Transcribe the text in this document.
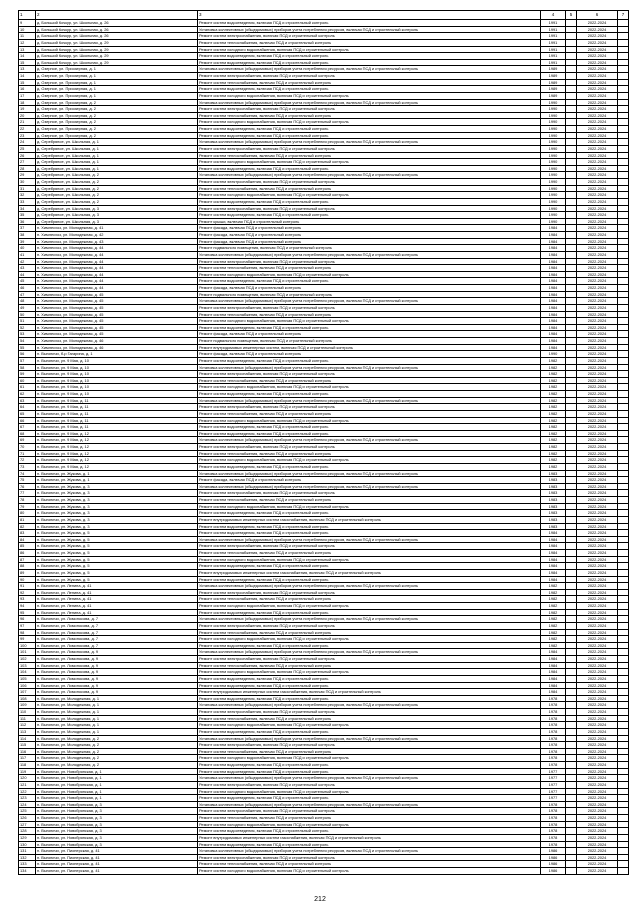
1	2	3	4	5	6	7
9	д. Большой Кочкур, ул. Школьная, д. 26	Ремонт систем водоотведения, включая ПСД и строительный контроль	1991		2022-2024	
10	д. Большой Кочкур, ул. Школьная, д. 26	Установка коллективных (общедомовых) приборов учета потребления ресурсов, включая ПСД и строительный контроль	1991		2022-2024	
11	д. Большой Кочкур, ул. Школьная, д. 26	Ремонт систем электроснабжения, включая ПСД и строительный контроль	1991		2022-2024	
12	д. Большой Кочкур, ул. Школьная, д. 29	Ремонт систем теплоснабжения, включая ПСД и строительный контроль	1991		2022-2024	
13	д. Большой Кочкур, ул. Школьная, д. 29	Ремонт систем холодного водоснабжения, включая ПСД и строительный контроль	1991		2022-2024	
14	д. Большой Кочкур, ул. Школьная, д. 29	Ремонт систем водоотведения, включая ПСД и строительный контроль	1991		2022-2024	
15	д. Большой Кочкур, ул. Школьная, д. 29	Ремонт систем водоотведения, включая ПСД и строительный контроль	1991		2022-2024	
13	д. Озерное, ул. Приозерная, д. 1	Установка коллективных (общедомовых) приборов учета потребления ресурсов, включая ПСД и строительный контроль	1989		2022-2024	
14	д. Озерное, ул. Приозерная, д. 1	Ремонт систем электроснабжения, включая ПСД и строительный контроль	1989		2022-2024	
15	д. Озерное, ул. Приозерная, д. 1	Ремонт систем теплоснабжения, включая ПСД и строительный контроль	1989		2022-2024	
16	д. Озерное, ул. Приозерная, д. 1	Ремонт систем водоотведения, включая ПСД и строительный контроль	1989		2022-2024	
17	д. Озерное, ул. Приозерная, д. 1	Ремонт систем холодного водоснабжения, включая ПСД и строительный контроль	1989		2022-2024	
18	д. Озерное, ул. Приозерная, д. 2	Установка коллективных (общедомовых) приборов учета потребления ресурсов, включая ПСД и строительный контроль	1990		2022-2024	
19	д. Озерное, ул. Приозерная, д. 2	Ремонт систем электроснабжения, включая ПСД и строительный контроль	1990		2022-2024	
20	д. Озерное, ул. Приозерная, д. 2	Ремонт систем теплоснабжения, включая ПСД и строительный контроль	1990		2022-2024	
21	д. Озерное, ул. Приозерная, д. 2	Ремонт систем холодного водоснабжения, включая ПСД и строительный контроль	1990		2022-2024	
22	д. Озерное, ул. Приозерная, д. 2	Ремонт систем водоотведения, включая ПСД и строительный контроль	1990		2022-2024	
23	д. Озерное, ул. Приозерная, д. 2	Ремонт систем водоотведения, включая ПСД и строительный контроль	1990		2022-2024	
24	д. Серебряное, ул. Школьная, д. 1	Установка коллективных (общедомовых) приборов учета потребления ресурсов, включая ПСД и строительный контроль	1990		2022-2024	
25	д. Серебряное, ул. Школьная, д. 1	Ремонт систем электроснабжения, включая ПСД и строительный контроль	1990		2022-2024	
26	д. Серебряное, ул. Школьная, д. 1	Ремонт систем теплоснабжения, включая ПСД и строительный контроль	1990		2022-2024	
27	д. Серебряное, ул. Школьная, д. 1	Ремонт систем холодного водоснабжения, включая ПСД и строительный контроль	1990		2022-2024	
28	д. Серебряное, ул. Школьная, д. 1	Ремонт систем водоотведения, включая ПСД и строительный контроль	1990		2022-2024	
29	д. Серебряное, ул. Школьная, д. 2	Установка коллективных (общедомовых) приборов учета потребления ресурсов, включая ПСД и строительный контроль	1990		2022-2024	
30	д. Серебряное, ул. Школьная, д. 2	Ремонт систем электроснабжения, включая ПСД и строительный контроль	1990		2022-2024	
31	д. Серебряное, ул. Школьная, д. 2	Ремонт систем теплоснабжения, включая ПСД и строительный контроль	1990		2022-2024	
32	д. Серебряное, ул. Школьная, д. 2	Ремонт систем холодного водоснабжения, включая ПСД и строительный контроль	1990		2022-2024	
33	д. Серебряное, ул. Школьная, д. 2	Ремонт систем водоотведения, включая ПСД и строительный контроль	1990		2022-2024	
34	д. Серебряное, ул. Школьная, д. 3	Ремонт систем электроснабжения, включая ПСД и строительный контроль	1990		2022-2024	
35	д. Серебряное, ул. Школьная, д. 3	Ремонт систем водоотведения, включая ПСД и строительный контроль	1990		2022-2024	
36	д. Серебряное, ул. Школьная, д. 3	Ремонт крыши, включая ПСД и строительный контроль	1990		2022-2024	
37	п. Химлесхоз, ул. Молодежная, д. 41	Ремонт фасада, включая ПСД и строительный контроль	1984		2022-2024	
38	п. Химлесхоз, ул. Молодежная, д. 42	Ремонт фасада, включая ПСД и строительный контроль	1984		2022-2024	
39	п. Химлесхоз, ул. Молодежная, д. 43	Ремонт фасада, включая ПСД и строительный контроль	1984		2022-2024	
40	п. Химлесхоз, ул. Молодежная, д. 44	Ремонт подвального помещения, включая ПСД и строительный контроль	1984		2022-2024	
41	п. Химлесхоз, ул. Молодежная, д. 44	Установка коллективных (общедомовых) приборов учета потребления ресурсов, включая ПСД и строительный контроль	1984		2022-2024	
42	п. Химлесхоз, ул. Молодежная, д. 44	Ремонт систем электроснабжения, включая ПСД и строительный контроль	1984		2022-2024	
43	п. Химлесхоз, ул. Молодежная, д. 44	Ремонт систем теплоснабжения, включая ПСД и строительный контроль	1984		2022-2024	
44	п. Химлесхоз, ул. Молодежная, д. 44	Ремонт систем холодного водоснабжения, включая ПСД и строительный контроль	1984		2022-2024	
45	п. Химлесхоз, ул. Молодежная, д. 44	Ремонт систем водоотведения, включая ПСД и строительный контроль	1984		2022-2024	
46	п. Химлесхоз, ул. Молодежная, д. 44	Ремонт фасада, включая ПСД и строительный контроль	1984		2022-2024	
47	п. Химлесхоз, ул. Молодежная, д. 45	Ремонт подвального помещения, включая ПСД и строительный контроль	1984		2022-2024	
48	п. Химлесхоз, ул. Молодежная, д. 45	Установка коллективных (общедомовых) приборов учета потребления ресурсов, включая ПСД и строительный контроль	1984		2022-2024	
49	п. Химлесхоз, ул. Молодежная, д. 45	Ремонт систем электроснабжения, включая ПСД и строительный контроль	1984		2022-2024	
50	п. Химлесхоз, ул. Молодежная, д. 45	Ремонт систем теплоснабжения, включая ПСД и строительный контроль	1984		2022-2024	
51	п. Химлесхоз, ул. Молодежная, д. 45	Ремонт систем холодного водоснабжения, включая ПСД и строительный контроль	1984		2022-2024	
52	п. Химлесхоз, ул. Молодежная, д. 45	Ремонт систем водоотведения, включая ПСД и строительный контроль	1984		2022-2024	
53	п. Химлесхоз, ул. Молодежная, д. 45	Ремонт фасада, включая ПСД и строительный контроль	1984		2022-2024	
54	п. Химлесхоз, ул. Молодежная, д. 46	Ремонт подвального помещения, включая ПСД и строительный контроль	1984		2022-2024	
55	п. Химлесхоз, ул. Молодежная, д. 46	Ремонт внутридомовых инженерных систем, включая ПСД и строительный контроль	1984		2022-2024	
56	п. Выгоничи, б-р Гагарина, д. 1	Ремонт фасада, включая ПСД и строительный контроль	1990		2022-2024	
57	п. Выгоничи, ул. 9 Мая, д. 10	Ремонт систем водоотведения, включая ПСД и строительный контроль	1982		2022-2024	
58	п. Выгоничи, ул. 9 Мая, д. 10	Установка коллективных (общедомовых) приборов учета потребления ресурсов, включая ПСД и строительный контроль	1982		2022-2024	
59	п. Выгоничи, ул. 9 Мая, д. 10	Ремонт систем электроснабжения, включая ПСД и строительный контроль	1982		2022-2024	
60	п. Выгоничи, ул. 9 Мая, д. 10	Ремонт систем теплоснабжения, включая ПСД и строительный контроль	1982		2022-2024	
61	п. Выгоничи, ул. 9 Мая, д. 10	Ремонт систем холодного водоснабжения, включая ПСД и строительный контроль	1982		2022-2024	
62	п. Выгоничи, ул. 9 Мая, д. 10	Ремонт систем водоотведения, включая ПСД и строительный контроль	1982		2022-2024	
63	п. Выгоничи, ул. 9 Мая, д. 11	Установка коллективных (общедомовых) приборов учета потребления ресурсов, включая ПСД и строительный контроль	1982		2022-2024	
64	п. Выгоничи, ул. 9 Мая, д. 11	Ремонт систем электроснабжения, включая ПСД и строительный контроль	1982		2022-2024	
65	п. Выгоничи, ул. 9 Мая, д. 11	Ремонт систем теплоснабжения, включая ПСД и строительный контроль	1982		2022-2024	
66	п. Выгоничи, ул. 9 Мая, д. 11	Ремонт систем холодного водоснабжения, включая ПСД и строительный контроль	1982		2022-2024	
67	п. Выгоничи, ул. 9 Мая, д. 11	Ремонт систем водоотведения, включая ПСД и строительный контроль	1982		2022-2024	
68	п. Выгоничи, ул. 9 Мая, д. 12	Ремонт систем водоотведения, включая ПСД и строительный контроль	1982		2022-2024	
69	п. Выгоничи, ул. 9 Мая, д. 12	Установка коллективных (общедомовых) приборов учета потребления ресурсов, включая ПСД и строительный контроль	1982		2022-2024	
70	п. Выгоничи, ул. 9 Мая, д. 12	Ремонт систем электроснабжения, включая ПСД и строительный контроль	1982		2022-2024	
71	п. Выгоничи, ул. 9 Мая, д. 12	Ремонт систем теплоснабжения, включая ПСД и строительный контроль	1982		2022-2024	
72	п. Выгоничи, ул. 9 Мая, д. 12	Ремонт систем холодного водоснабжения, включая ПСД и строительный контроль	1982		2022-2024	
73	п. Выгоничи, ул. 9 Мая, д. 12	Ремонт систем водоотведения, включая ПСД и строительный контроль	1982		2022-2024	
74	п. Выгоничи, ул. Жукова, д. 1	Установка коллективных (общедомовых) приборов учета потребления ресурсов, включая ПСД и строительный контроль	1983		2022-2024	
75	п. Выгоничи, ул. Жукова, д. 1	Ремонт фасада, включая ПСД и строительный контроль	1983		2022-2024	
76	п. Выгоничи, ул. Жукова, д. 3	Установка коллективных (общедомовых) приборов учета потребления ресурсов, включая ПСД и строительный контроль	1983		2022-2024	
77	п. Выгоничи, ул. Жукова, д. 3	Ремонт систем электроснабжения, включая ПСД и строительный контроль	1983		2022-2024	
78	п. Выгоничи, ул. Жукова, д. 3	Ремонт систем теплоснабжения, включая ПСД и строительный контроль	1983		2022-2024	
79	п. Выгоничи, ул. Жукова, д. 3	Ремонт систем холодного водоснабжения, включая ПСД и строительный контроль	1983		2022-2024	
80	п. Выгоничи, ул. Жукова, д. 3	Ремонт систем водоотведения, включая ПСД и строительный контроль	1983		2022-2024	
81	п. Выгоничи, ул. Жукова, д. 3	Ремонт внутридомовых инженерных систем газоснабжения, включая ПСД и строительный контроль	1983		2022-2024	
82	п. Выгоничи, ул. Жукова, д. 3	Ремонт систем водоотведения, включая ПСД и строительный контроль	1983		2022-2024	
83	п. Выгоничи, ул. Жукова, д. 5	Ремонт систем водоотведения, включая ПСД и строительный контроль	1984		2022-2024	
84	п. Выгоничи, ул. Жукова, д. 5	Установка коллективных (общедомовых) приборов учета потребления ресурсов, включая ПСД и строительный контроль	1984		2022-2024	
85	п. Выгоничи, ул. Жукова, д. 5	Ремонт систем электроснабжения, включая ПСД и строительный контроль	1984		2022-2024	
86	п. Выгоничи, ул. Жукова, д. 5	Ремонт систем теплоснабжения, включая ПСД и строительный контроль	1984		2022-2024	
87	п. Выгоничи, ул. Жукова, д. 5	Ремонт систем холодного водоснабжения, включая ПСД и строительный контроль	1984		2022-2024	
88	п. Выгоничи, ул. Жукова, д. 5	Ремонт систем водоотведения, включая ПСД и строительный контроль	1984		2022-2024	
89	п. Выгоничи, ул. Жукова, д. 5	Ремонт внутридомовых инженерных систем газоснабжения, включая ПСД и строительный контроль	1984		2022-2024	
90	п. Выгоничи, ул. Жукова, д. 5	Ремонт систем водоотведения, включая ПСД и строительный контроль	1984		2022-2024	
91	п. Выгоничи, ул. Ленина, д. 41	Установка коллективных (общедомовых) приборов учета потребления ресурсов, включая ПСД и строительный контроль	1982		2022-2024	
92	п. Выгоничи, ул. Ленина, д. 41	Ремонт систем электроснабжения, включая ПСД и строительный контроль	1982		2022-2024	
93	п. Выгоничи, ул. Ленина, д. 41	Ремонт систем теплоснабжения, включая ПСД и строительный контроль	1982		2022-2024	
94	п. Выгоничи, ул. Ленина, д. 41	Ремонт систем холодного водоснабжения, включая ПСД и строительный контроль	1982		2022-2024	
95	п. Выгоничи, ул. Ленина, д. 41	Ремонт систем водоотведения, включая ПСД и строительный контроль	1982		2022-2024	
96	п. Выгоничи, ул. Ломоносова, д. 7	Установка коллективных (общедомовых) приборов учета потребления ресурсов, включая ПСД и строительный контроль	1982		2022-2024	
97	п. Выгоничи, ул. Ломоносова, д. 7	Ремонт систем электроснабжения, включая ПСД и строительный контроль	1982		2022-2024	
98	п. Выгоничи, ул. Ломоносова, д. 7	Ремонт систем теплоснабжения, включая ПСД и строительный контроль	1982		2022-2024	
99	п. Выгоничи, ул. Ломоносова, д. 7	Ремонт систем холодного водоснабжения, включая ПСД и строительный контроль	1982		2022-2024	
100	п. Выгоничи, ул. Ломоносова, д. 7	Ремонт систем водоотведения, включая ПСД и строительный контроль	1982		2022-2024	
101	п. Выгоничи, ул. Ломоносова, д. 9	Установка коллективных (общедомовых) приборов учета потребления ресурсов, включая ПСД и строительный контроль	1984		2022-2024	
102	п. Выгоничи, ул. Ломоносова, д. 9	Ремонт систем электроснабжения, включая ПСД и строительный контроль	1984		2022-2024	
103	п. Выгоничи, ул. Ломоносова, д. 9	Ремонт систем теплоснабжения, включая ПСД и строительный контроль	1984		2022-2024	
104	п. Выгоничи, ул. Ломоносова, д. 9	Ремонт систем холодного водоснабжения, включая ПСД и строительный контроль	1984		2022-2024	
105	п. Выгоничи, ул. Ломоносова, д. 9	Ремонт систем водоотведения, включая ПСД и строительный контроль	1984		2022-2024	
106	п. Выгоничи, ул. Ломоносова, д. 9	Ремонт систем водоотведения, включая ПСД и строительный контроль	1984		2022-2024	
107	п. Выгоничи, ул. Ломоносова, д. 9	Ремонт внутридомовых инженерных систем газоснабжения, включая ПСД и строительный контроль	1984		2022-2024	
108	п. Выгоничи, ул. Молодежная, д. 1	Ремонт систем водоотведения, включая ПСД и строительный контроль	1978		2022-2024	
109	п. Выгоничи, ул. Молодежная, д. 1	Установка коллективных (общедомовых) приборов учета потребления ресурсов, включая ПСД и строительный контроль	1978		2022-2024	
110	п. Выгоничи, ул. Молодежная, д. 1	Ремонт систем электроснабжения, включая ПСД и строительный контроль	1978		2022-2024	
111	п. Выгоничи, ул. Молодежная, д. 1	Ремонт систем теплоснабжения, включая ПСД и строительный контроль	1978		2022-2024	
112	п. Выгоничи, ул. Молодежная, д. 1	Ремонт систем холодного водоснабжения, включая ПСД и строительный контроль	1978		2022-2024	
113	п. Выгоничи, ул. Молодежная, д. 1	Ремонт систем водоотведения, включая ПСД и строительный контроль	1978		2022-2024	
114	п. Выгоничи, ул. Молодежная, д. 2	Установка коллективных (общедомовых) приборов учета потребления ресурсов, включая ПСД и строительный контроль	1978		2022-2024	
115	п. Выгоничи, ул. Молодежная, д. 2	Ремонт систем электроснабжения, включая ПСД и строительный контроль	1978		2022-2024	
116	п. Выгоничи, ул. Молодежная, д. 2	Ремонт систем теплоснабжения, включая ПСД и строительный контроль	1978		2022-2024	
117	п. Выгоничи, ул. Молодежная, д. 2	Ремонт систем холодного водоснабжения, включая ПСД и строительный контроль	1978		2022-2024	
118	п. Выгоничи, ул. Молодежная, д. 2	Ремонт систем водоотведения, включая ПСД и строительный контроль	1978		2022-2024	
119	п. Выгоничи, ул. Новобрянская, д. 1	Ремонт систем водоотведения, включая ПСД и строительный контроль	1977		2022-2024	
120	п. Выгоничи, ул. Новобрянская, д. 1	Установка коллективных (общедомовых) приборов учета потребления ресурсов, включая ПСД и строительный контроль	1977		2022-2024	
121	п. Выгоничи, ул. Новобрянская, д. 1	Ремонт систем электроснабжения, включая ПСД и строительный контроль	1977		2022-2024	
122	п. Выгоничи, ул. Новобрянская, д. 1	Ремонт систем холодного водоснабжения, включая ПСД и строительный контроль	1977		2022-2024	
123	п. Выгоничи, ул. Новобрянская, д. 1	Ремонт систем водоотведения, включая ПСД и строительный контроль	1977		2022-2024	
124	п. Выгоничи, ул. Новобрянская, д. 3	Установка коллективных (общедомовых) приборов учета потребления ресурсов, включая ПСД и строительный контроль	1978		2022-2024	
125	п. Выгоничи, ул. Новобрянская, д. 3	Ремонт систем электроснабжения, включая ПСД и строительный контроль	1978		2022-2024	
126	п. Выгоничи, ул. Новобрянская, д. 3	Ремонт систем теплоснабжения, включая ПСД и строительный контроль	1978		2022-2024	
127	п. Выгоничи, ул. Новобрянская, д. 3	Ремонт систем холодного водоснабжения, включая ПСД и строительный контроль	1978		2022-2024	
128	п. Выгоничи, ул. Новобрянская, д. 3	Ремонт систем водоотведения, включая ПСД и строительный контроль	1978		2022-2024	
129	п. Выгоничи, ул. Новобрянская, д. 3	Ремонт внутридомовых инженерных систем газоснабжения, включая ПСД и строительный контроль	1978		2022-2024	
130	п. Выгоничи, ул. Новобрянская, д. 3	Ремонт систем водоотведения, включая ПСД и строительный контроль	1978		2022-2024	
131	п. Выгоничи, ул. Пионерская, д. 41	Установка коллективных (общедомовых) приборов учета потребления ресурсов, включая ПСД и строительный контроль	1986		2022-2024	
132	п. Выгоничи, ул. Пионерская, д. 41	Ремонт систем электроснабжения, включая ПСД и строительный контроль	1986		2022-2024	
133	п. Выгоничи, ул. Пионерская, д. 41	Ремонт систем теплоснабжения, включая ПСД и строительный контроль	1986		2022-2024	
134	п. Выгоничи, ул. Пионерская, д. 41	Ремонт систем холодного водоснабжения, включая ПСД и строительный контроль	1986		2022-2024	
212
